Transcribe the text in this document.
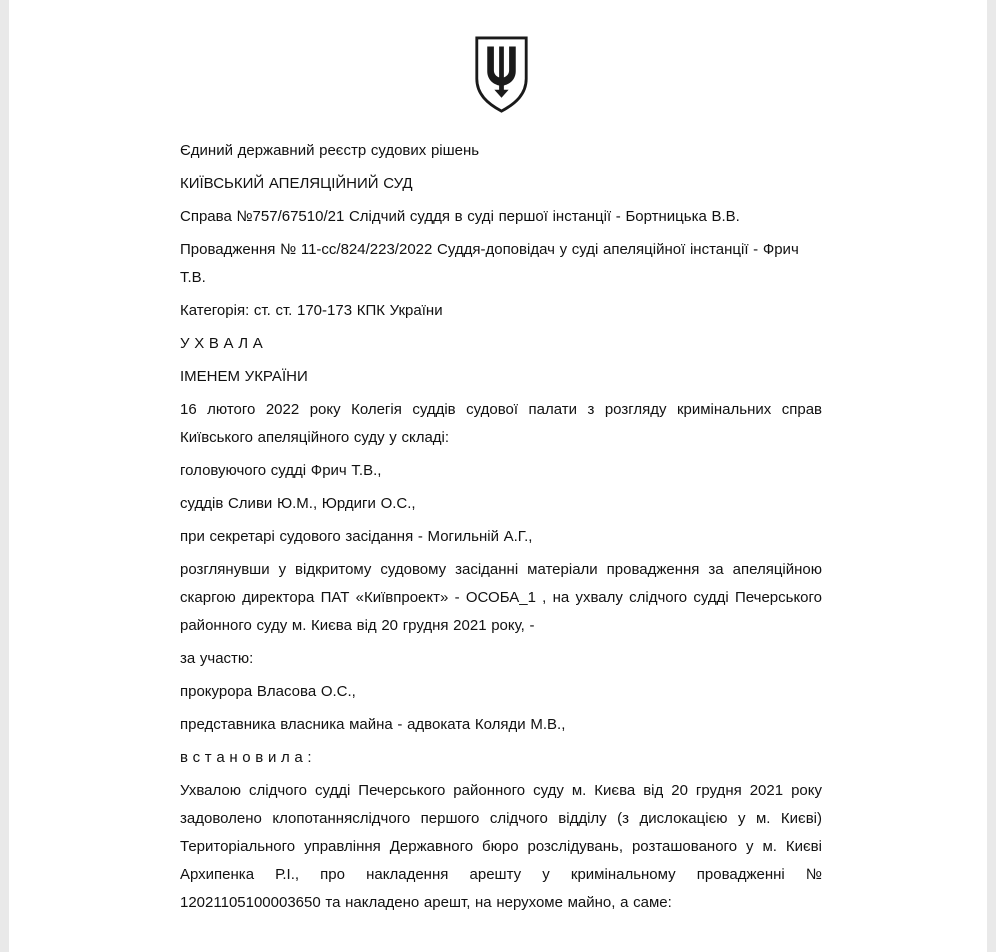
Єдиний державний реєстр судових рішень

КИЇВСЬКИЙ АПЕЛЯЦІЙНИЙ СУД

Справа №757/67510/21 Слідчий суддя в суді першої інстанції - Бортницька В.В.

Провадження № 11-сс/824/223/2022 Суддя-доповідач у суді апеляційної інстанції - Фрич Т.В.

Категорія: ст. ст. 170-173 КПК України

У Х В А Л А

ІМЕНЕМ УКРАЇНИ

16 лютого 2022 року Колегія суддів судової палати з розгляду кримінальних справ Київського апеляційного суду у складі:

головуючого судді Фрич Т.В.,

суддів Сливи Ю.М., Юрдиги О.С.,

при секретарі судового засідання - Могильній А.Г.,

розглянувши у відкритому судовому засіданні матеріали провадження за апеляційною скаргою директора ПАТ «Київпроект» - ОСОБА_1 , на ухвалу слідчого судді Печерського районного суду м. Києва від 20 грудня 2021 року, -

за участю:

прокурора Власова О.С.,

представника власника майна - адвоката Коляди М.В.,

в с т а н о в и л а :

Ухвалою слідчого судді Печерського районного суду м. Києва від 20 грудня 2021 року задоволено клопотанняслідчого першого слідчого відділу (з дислокацією у м. Києві) Територіального управління Державного бюро розслідувань, розташованого у м. Києві Архипенка Р.І., про накладення арешту у кримінальному провадженні № 12021105100003650 та накладено арешт, на нерухоме майно, а саме:
